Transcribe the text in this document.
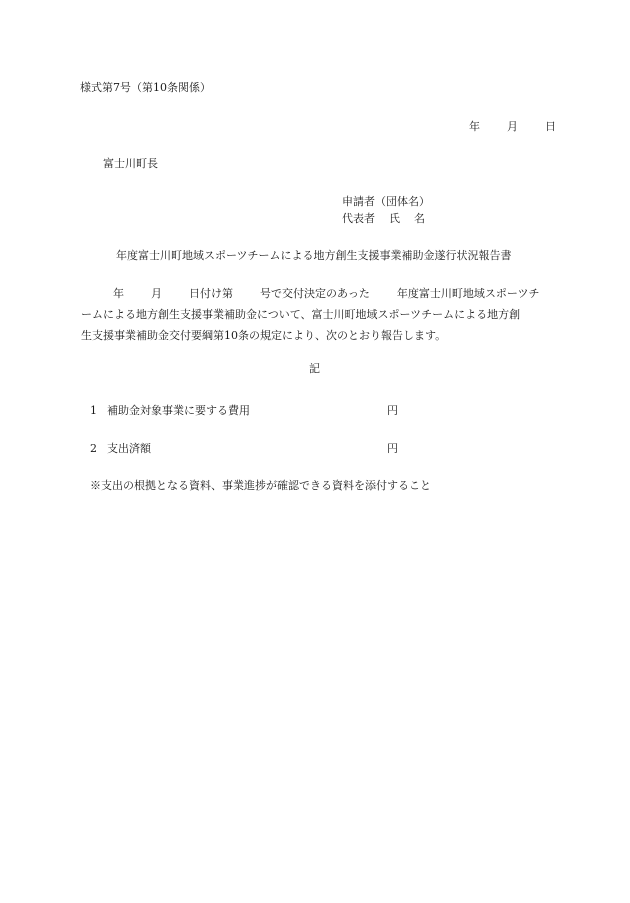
様式第7号（第10条関係）
年 月 日
富士川町長
申請者（団体名）
代表者 氏 名
年度富士川町地域スポーツチームによる地方創生支援事業補助金遂行状況報告書
年 月 日付け第 号で交付決定のあった 年度富士川町地域スポーツチ
ームによる地方創生支援事業補助金について、富士川町地域スポーツチームによる地方創
生支援事業補助金交付要綱第10条の規定により、次のとおり報告します。
記
1 補助金対象事業に要する費用	円
2 支出済額	円
※支出の根拠となる資料、事業進捗が確認できる資料を添付すること
